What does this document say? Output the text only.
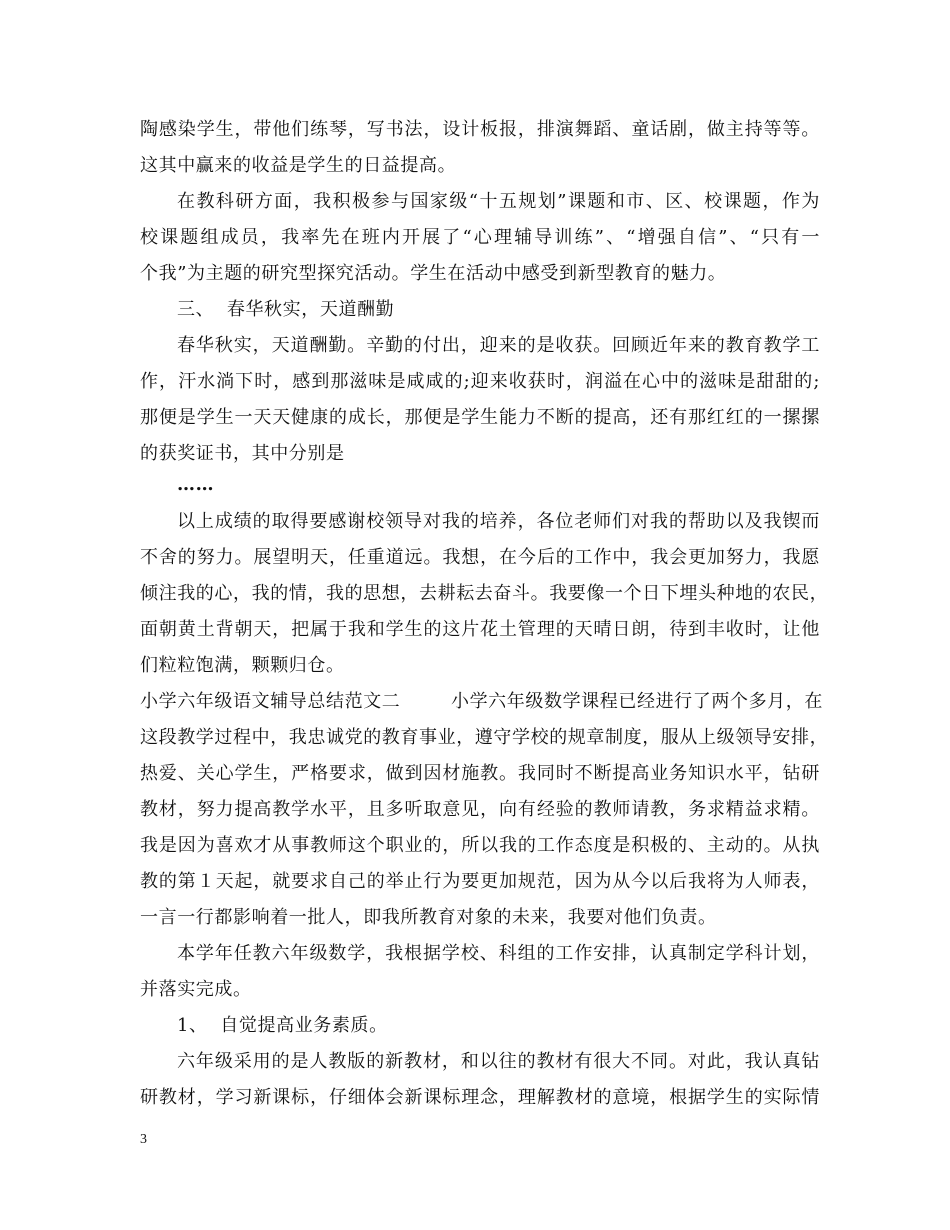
陶感染学生，带他们练琴，写书法，设计板报，排演舞蹈、童话剧，做主持等等。
这其中赢来的收益是学生的日益提高。
在教科研方面，我积极参与国家级“十五规划”课题和市、区、校课题，作为
校课题组成员，我率先在班内开展了“心理辅导训练”、“增强自信”、“只有一
个我”为主题的研究型探究活动。学生在活动中感受到新型教育的魅力。
三、  春华秋实，天道酬勤
春华秋实，天道酬勤。辛勤的付出，迎来的是收获。回顾近年来的教育教学工
作，汗水淌下时，感到那滋味是咸咸的;迎来收获时，润溢在心中的滋味是甜甜的;
那便是学生一天天健康的成长，那便是学生能力不断的提高，还有那红红的一摞摞
的获奖证书，其中分别是
……
以上成绩的取得要感谢校领导对我的培养，各位老师们对我的帮助以及我锲而
不舍的努力。展望明天，任重道远。我想，在今后的工作中，我会更加努力，我愿
倾注我的心，我的情，我的思想，去耕耘去奋斗。我要像一个日下埋头种地的农民，
面朝黄土背朝天，把属于我和学生的这片花土管理的天晴日朗，待到丰收时，让他
们粒粒饱满，颗颗归仓。
小学六年级语文辅导总结范文二        小学六年级数学课程已经进行了两个多月，在
这段教学过程中，我忠诚党的教育事业，遵守学校的规章制度，服从上级领导安排，
热爱、关心学生，严格要求，做到因材施教。我同时不断提高业务知识水平，钻研
教材，努力提高教学水平，且多听取意见，向有经验的教师请教，务求精益求精。
我是因为喜欢才从事教师这个职业的，所以我的工作态度是积极的、主动的。从执
教的第１天起，就要求自己的举止行为要更加规范，因为从今以后我将为人师表，
一言一行都影响着一批人，即我所教育对象的未来，我要对他们负责。
本学年任教六年级数学，我根据学校、科组的工作安排，认真制定学科计划，
并落实完成。
1、  自觉提高业务素质。
六年级采用的是人教版的新教材，和以往的教材有很大不同。对此，我认真钻
研教材，学习新课标，仔细体会新课标理念，理解教材的意境，根据学生的实际情
3
